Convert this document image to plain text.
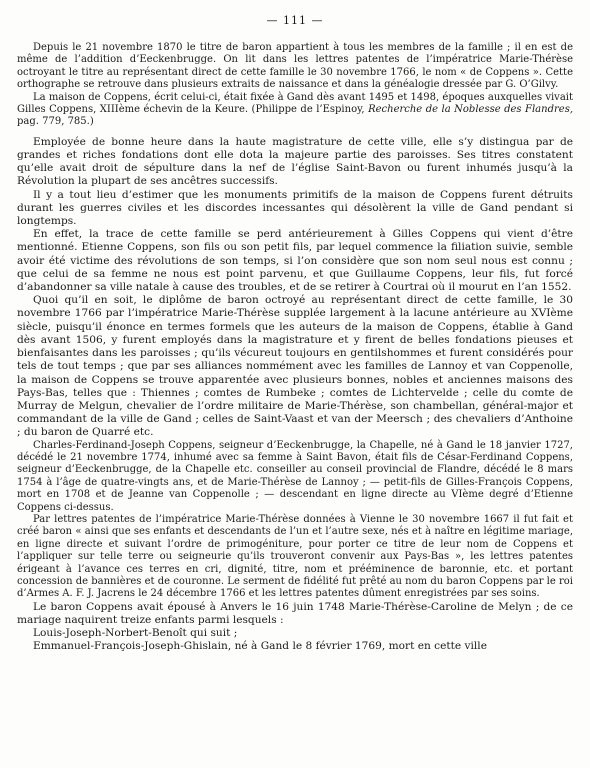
— 111 —

Depuis le 21 novembre 1870 le titre de baron appartient à tous les membres de la famille ; il en est de même de l’addition d’Eeckenbrugge. On lit dans les lettres patentes de l’impératrice Marie-Thérèse octroyant le titre au représentant direct de cette famille le 30 novembre 1766, le nom « de Coppens ». Cette orthographe se retrouve dans plusieurs extraits de naissance et dans la généalogie dressée par G. O’Gilvy.

La maison de Coppens, écrit celui-ci, était fixée à Gand dès avant 1495 et 1498, époques auxquelles vivait Gilles Coppens, XIIIème échevin de la Keure. (Philippe de l’Espinoy, Recherche de la Noblesse des Flandres, pag. 779, 785.)

Employée de bonne heure dans la haute magistrature de cette ville, elle s’y distingua par de grandes et riches fondations dont elle dota la majeure partie des paroisses. Ses titres constatent qu’elle avait droit de sépulture dans la nef de l’église Saint-Bavon ou furent inhumés jusqu’à la Révolution la plupart de ses ancêtres successifs.

Il y a tout lieu d’estimer que les monuments primitifs de la maison de Coppens furent détruits durant les guerres civiles et les discordes incessantes qui désolèrent la ville de Gand pendant si longtemps.

En effet, la trace de cette famille se perd antérieurement à Gilles Coppens qui vient d’être mentionné. Etienne Coppens, son fils ou son petit fils, par lequel commence la filiation suivie, semble avoir été victime des révolutions de son temps, si l’on considère que son nom seul nous est connu ; que celui de sa femme ne nous est point parvenu, et que Guillaume Coppens, leur fils, fut forcé d’abandonner sa ville natale à cause des troubles, et de se retirer à Courtrai où il mourut en l’an 1552.

Quoi qu’il en soit, le diplôme de baron octroyé au représentant direct de cette famille, le 30 novembre 1766 par l’impératrice Marie-Thérèse supplée largement à la lacune antérieure au XVIème siècle, puisqu’il énonce en termes formels que les auteurs de la maison de Coppens, établie à Gand dès avant 1506, y furent employés dans la magistrature et y firent de belles fondations pieuses et bienfaisantes dans les paroisses ; qu’ils vécureut toujours en gentilshommes et furent considérés pour tels de tout temps ; que par ses alliances nommément avec les familles de Lannoy et van Coppenolle, la maison de Coppens se trouve apparentée avec plusieurs bonnes, nobles et anciennes maisons des Pays-Bas, telles que : Thiennes ; comtes de Rumbeke ; comtes de Lichtervelde ; celle du comte de Murray de Melgun, chevalier de l’ordre militaire de Marie-Thérèse, son chambellan, général-major et commandant de la ville de Gand ; celles de Saint-Vaast et van der Meersch ; des chevaliers d’Anthoine ; du baron de Quarré etc.

Charles-Ferdinand-Joseph Coppens, seigneur d’Eeckenbrugge, la Chapelle, né à Gand le 18 janvier 1727, décédé le 21 novembre 1774, inhumé avec sa femme à Saint Bavon, était fils de César-Ferdinand Coppens, seigneur d’Eeckenbrugge, de la Chapelle etc. conseiller au conseil provincial de Flandre, décédé le 8 mars 1754 à l’âge de quatre-vingts ans, et de Marie-Thérèse de Lannoy ; — petit-fils de Gilles-François Coppens, mort en 1708 et de Jeanne van Coppenolle ; — descendant en ligne directe au VIème degré d’Etienne Coppens ci-dessus.

Par lettres patentes de l’impératrice Marie-Thérèse données à Vienne le 30 novembre 1667 il fut fait et créé baron « ainsi que ses enfants et descendants de l’un et l’autre sexe, nés et à naître en légitime mariage, en ligne directe et suivant l’ordre de primogéniture, pour porter ce titre de leur nom de Coppens et l’appliquer sur telle terre ou seigneurie qu’ils trouveront convenir aux Pays-Bas », les lettres patentes érigeant à l’avance ces terres en cri, dignité, titre, nom et prééminence de baronnie, etc. et portant concession de bannières et de couronne. Le serment de fidélité fut prêté au nom du baron Coppens par le roi d’Armes A. F. J. Jacrens le 24 décembre 1766 et les lettres patentes dûment enregistrées par ses soins.

Le baron Coppens avait épousé à Anvers le 16 juin 1748 Marie-Thérèse-Caroline de Melyn ; de ce mariage naquirent treize enfants parmi lesquels :

Louis-Joseph-Norbert-Benoît qui suit ;

Emmanuel-François-Joseph-Ghislain, né à Gand le 8 février 1769, mort en cette ville
